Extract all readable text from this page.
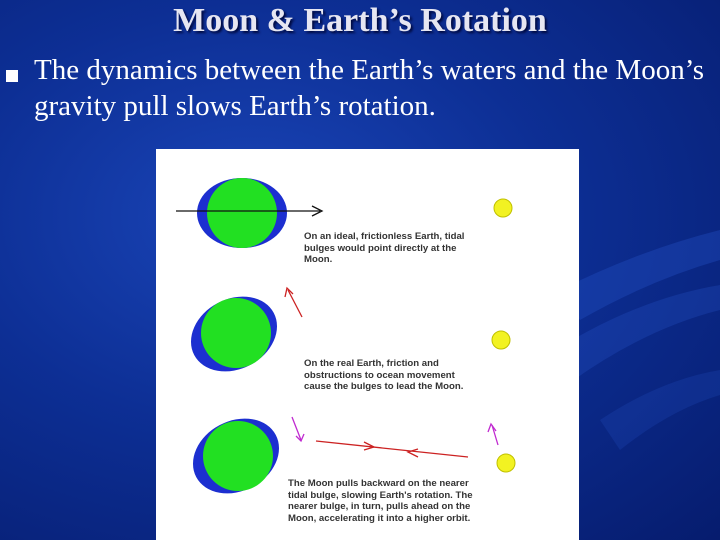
Moon & Earth’s Rotation
The dynamics between the Earth’s waters and the Moon’s gravity pull slows Earth’s rotation.
On an ideal, frictionless Earth, tidal
bulges would point directly at the
Moon.
On the real Earth, friction and
obstructions to ocean movement
cause the bulges to lead the Moon.
The Moon pulls backward on the nearer
tidal bulge, slowing Earth's rotation. The
nearer bulge, in turn, pulls ahead on the
Moon, accelerating it into a higher orbit.
